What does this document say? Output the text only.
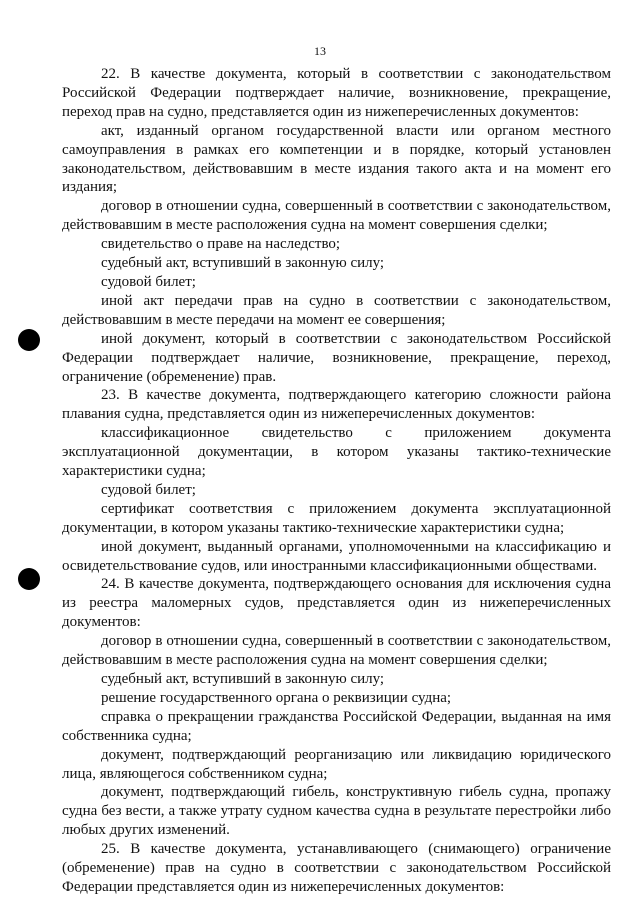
13

22. В качестве документа, который в соответствии с законодательством Российской Федерации подтверждает наличие, возникновение, прекращение, переход прав на судно, представляется один из нижеперечисленных документов:

акт, изданный органом государственной власти или органом местного самоуправления в рамках его компетенции и в порядке, который установлен законодательством, действовавшим в месте издания такого акта и на момент его издания;

договор в отношении судна, совершенный в соответствии с законодательством, действовавшим в месте расположения судна на момент совершения сделки;

свидетельство о праве на наследство;

судебный акт, вступивший в законную силу;

судовой билет;

иной акт передачи прав на судно в соответствии с законодательством, действовавшим в месте передачи на момент ее совершения;

иной документ, который в соответствии с законодательством Российской Федерации подтверждает наличие, возникновение, прекращение, переход, ограничение (обременение) прав.

23. В качестве документа, подтверждающего категорию сложности района плавания судна, представляется один из нижеперечисленных документов:

классификационное свидетельство с приложением документа эксплуатационной документации, в котором указаны тактико-технические характеристики судна;

судовой билет;

сертификат соответствия с приложением документа эксплуатационной документации, в котором указаны тактико-технические характеристики судна;

иной документ, выданный органами, уполномоченными на классификацию и освидетельствование судов, или иностранными классификационными обществами.

24. В качестве документа, подтверждающего основания для исключения судна из реестра маломерных судов, представляется один из нижеперечисленных документов:

договор в отношении судна, совершенный в соответствии с законодательством, действовавшим в месте расположения судна на момент совершения сделки;

судебный акт, вступивший в законную силу;

решение государственного органа о реквизиции судна;

справка о прекращении гражданства Российской Федерации, выданная на имя собственника судна;

документ, подтверждающий реорганизацию или ликвидацию юридического лица, являющегося собственником судна;

документ, подтверждающий гибель, конструктивную гибель судна, пропажу судна без вести, а также утрату судном качества судна в результате перестройки либо любых других изменений.

25. В качестве документа, устанавливающего (снимающего) ограничение (обременение) прав на судно в соответствии с законодательством Российской Федерации представляется один из нижеперечисленных документов:
